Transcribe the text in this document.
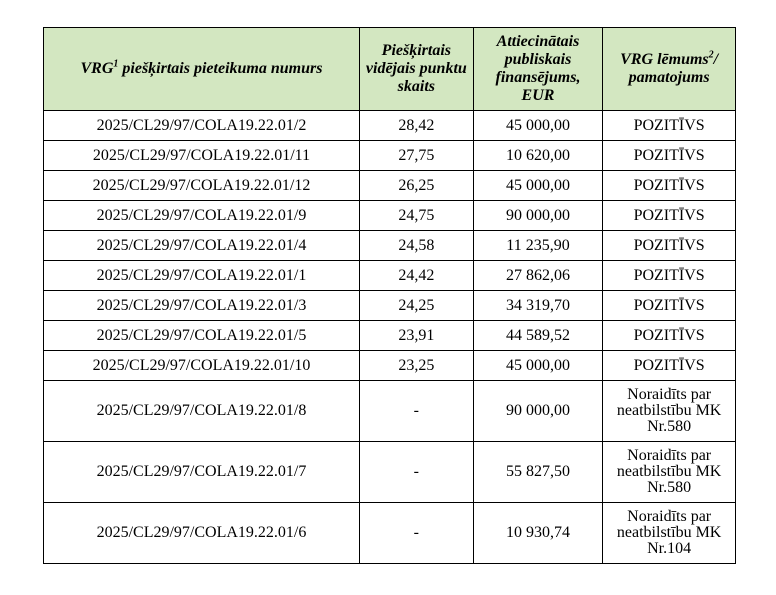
VRG$^1$ piešķirtais pieteikuma numurs	Piešķirtais vidējais punktu skaits	Attiecinātais publiskais finansējums, EUR	VRG lēmums$^2$/ pamatojums
2025/CL29/97/COLA19.22.01/2	28,42	45 000,00	POZITĪVS
2025/CL29/97/COLA19.22.01/11	27,75	10 620,00	POZITĪVS
2025/CL29/97/COLA19.22.01/12	26,25	45 000,00	POZITĪVS
2025/CL29/97/COLA19.22.01/9	24,75	90 000,00	POZITĪVS
2025/CL29/97/COLA19.22.01/4	24,58	11 235,90	POZITĪVS
2025/CL29/97/COLA19.22.01/1	24,42	27 862,06	POZITĪVS
2025/CL29/97/COLA19.22.01/3	24,25	34 319,70	POZITĪVS
2025/CL29/97/COLA19.22.01/5	23,91	44 589,52	POZITĪVS
2025/CL29/97/COLA19.22.01/10	23,25	45 000,00	POZITĪVS
2025/CL29/97/COLA19.22.01/8	-	90 000,00	Noraidīts par neatbilstību MK Nr.580
2025/CL29/97/COLA19.22.01/7	-	55 827,50	Noraidīts par neatbilstību MK Nr.580
2025/CL29/97/COLA19.22.01/6	-	10 930,74	Noraidīts par neatbilstību MK Nr.104
